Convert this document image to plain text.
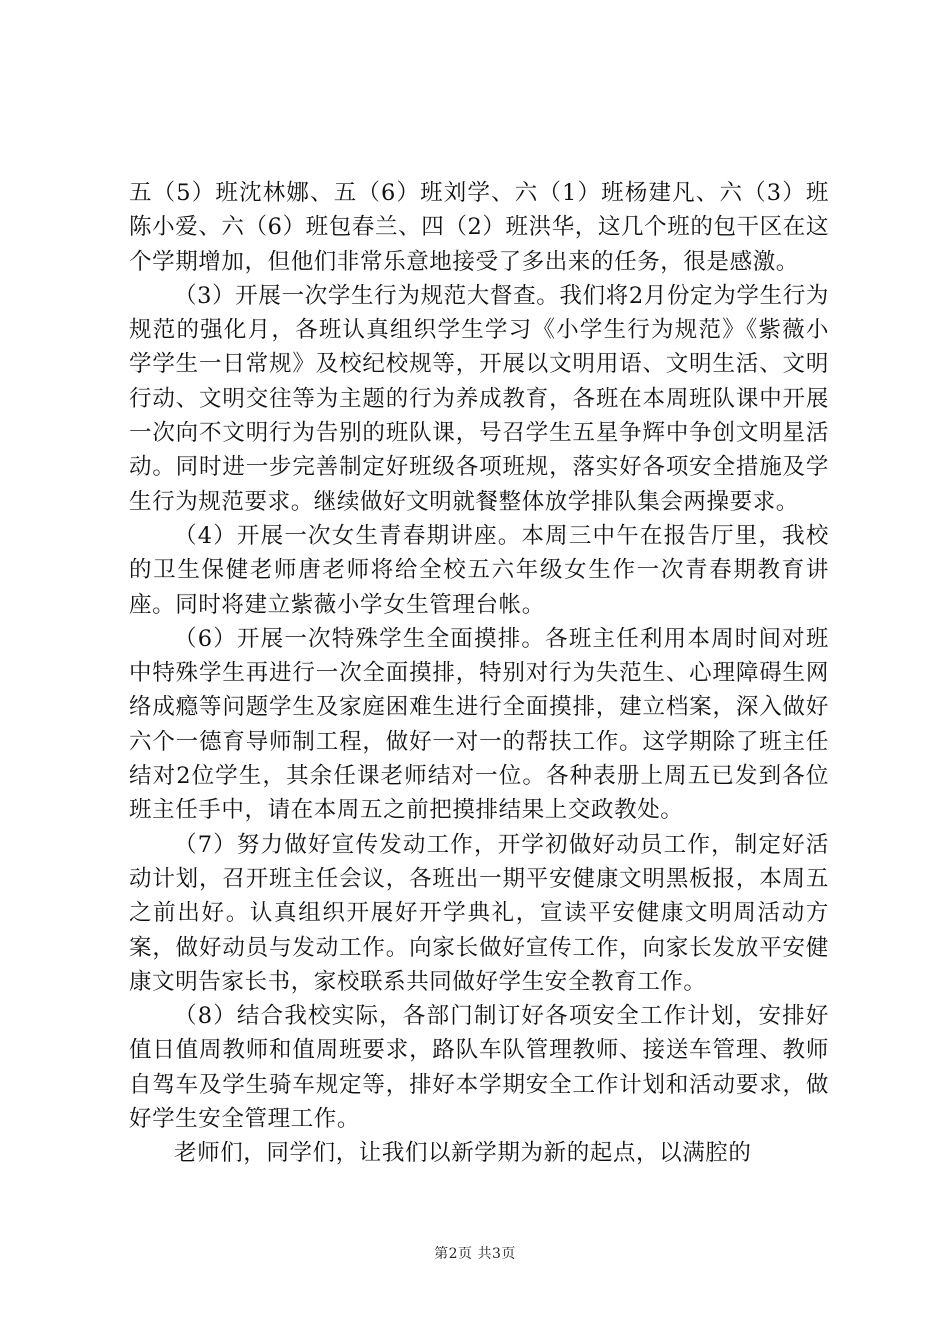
五（5）班沈林娜、五（6）班刘学、六（1）班杨建凡、六（3）班陈小爱、六（6）班包春兰、四（2）班洪华，这几个班的包干区在这个学期增加，但他们非常乐意地接受了多出来的任务，很是感激。

（3）开展一次学生行为规范大督查。我们将2月份定为学生行为规范的强化月，各班认真组织学生学习《小学生行为规范》《紫薇小学学生一日常规》及校纪校规等，开展以文明用语、文明生活、文明行动、文明交往等为主题的行为养成教育，各班在本周班队课中开展一次向不文明行为告别的班队课，号召学生五星争辉中争创文明星活动。同时进一步完善制定好班级各项班规，落实好各项安全措施及学生行为规范要求。继续做好文明就餐整体放学排队集会两操要求。

（4）开展一次女生青春期讲座。本周三中午在报告厅里，我校的卫生保健老师唐老师将给全校五六年级女生作一次青春期教育讲座。同时将建立紫薇小学女生管理台帐。

（6）开展一次特殊学生全面摸排。各班主任利用本周时间对班中特殊学生再进行一次全面摸排，特别对行为失范生、心理障碍生网络成瘾等问题学生及家庭困难生进行全面摸排，建立档案，深入做好六个一德育导师制工程，做好一对一的帮扶工作。这学期除了班主任结对2位学生，其余任课老师结对一位。各种表册上周五已发到各位班主任手中，请在本周五之前把摸排结果上交政教处。

（7）努力做好宣传发动工作，开学初做好动员工作，制定好活动计划，召开班主任会议，各班出一期平安健康文明黑板报，本周五之前出好。认真组织开展好开学典礼，宣读平安健康文明周活动方案，做好动员与发动工作。向家长做好宣传工作，向家长发放平安健康文明告家长书，家校联系共同做好学生安全教育工作。

（8）结合我校实际，各部门制订好各项安全工作计划，安排好值日值周教师和值周班要求，路队车队管理教师、接送车管理、教师自驾车及学生骑车规定等，排好本学期安全工作计划和活动要求，做好学生安全管理工作。

老师们，同学们，让我们以新学期为新的起点，以满腔的

第2页 共3页
